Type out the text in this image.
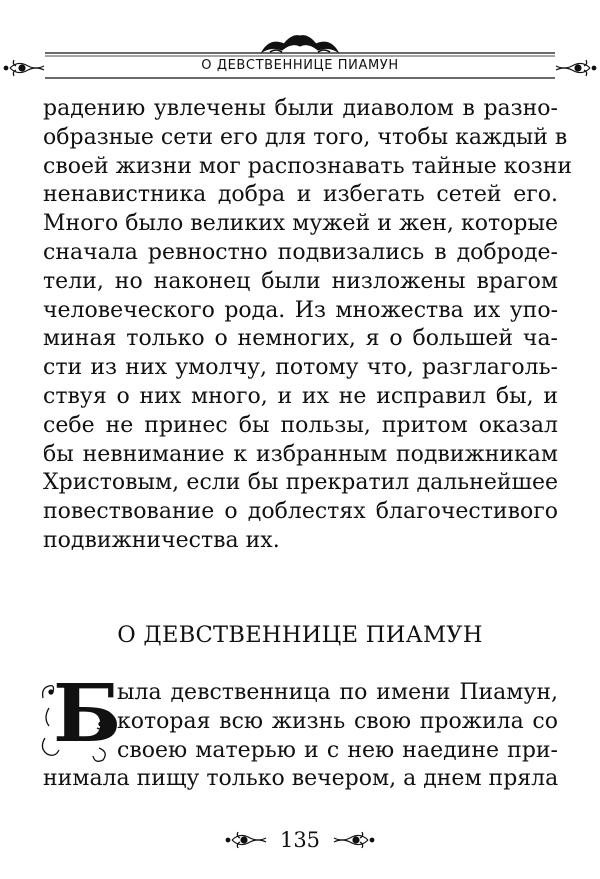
О ДЕВСТВЕННИЦЕ ПИАМУН
радению увлечены были диаволом в разно-
образные сети его для того, чтобы каждый в
своей жизни мог распознавать тайные козни
ненавистника добра и избегать сетей его.
Много было великих мужей и жен, которые
сначала ревностно подвизались в доброде-
тели, но наконец были низложены врагом
человеческого рода. Из множества их упо-
миная только о немногих, я о большей ча-
сти из них умолчу, потому что, разглаголь-
ствуя о них много, и их не исправил бы, и
себе не принес бы пользы, притом оказал
бы невнимание к избранным подвижникам
Христовым, если бы прекратил дальнейшее
повествование о доблестях благочестивого
подвижничества их.
О ДЕВСТВЕННИЦЕ ПИАМУН
Б
ыла девственница по имени Пиамун,
которая всю жизнь свою прожила со
своею матерью и с нею наедине при-
нимала пищу только вечером, а днем пряла
135
